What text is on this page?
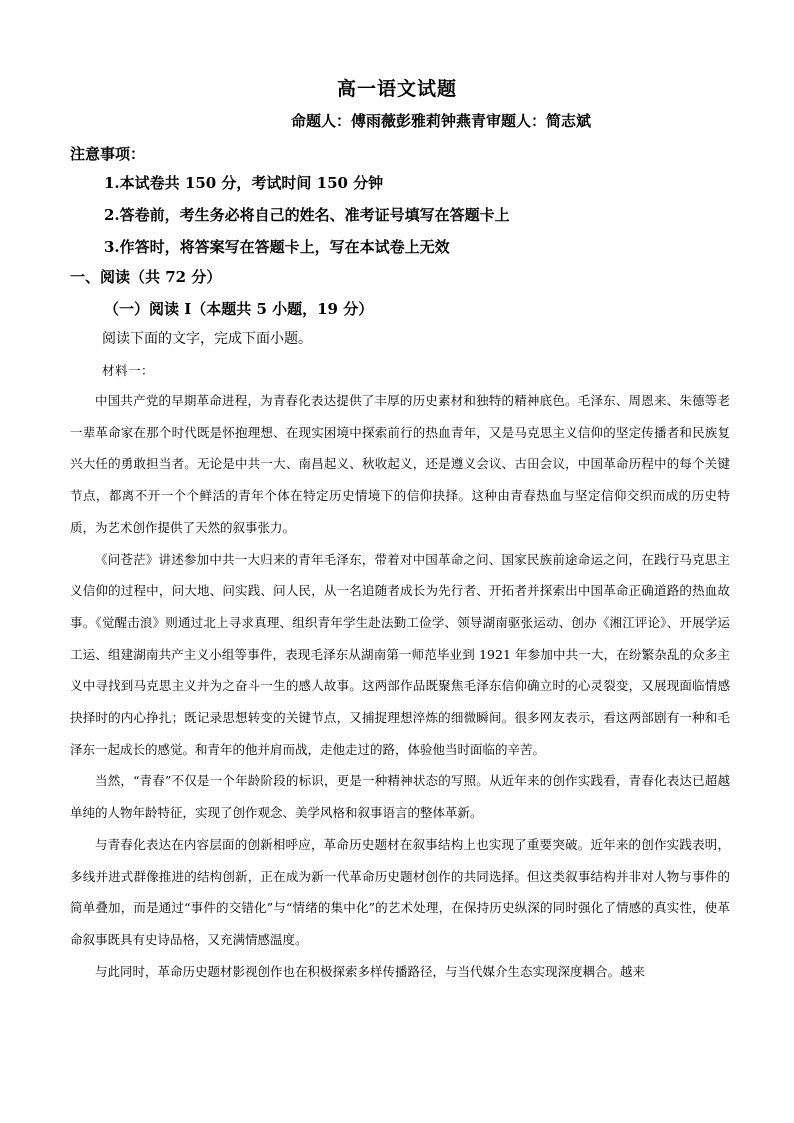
高一语文试题
命题人：傅雨薇彭雅莉钟燕青审题人：简志斌
注意事项：
1.本试卷共 150 分，考试时间 150 分钟
2.答卷前，考生务必将自己的姓名、准考证号填写在答题卡上
3.作答时，将答案写在答题卡上，写在本试卷上无效
一、阅读（共 72 分）
（一）阅读 I（本题共 5 小题，19 分）
阅读下面的文字，完成下面小题。
材料一：

中国共产党的早期革命进程，为青春化表达提供了丰厚的历史素材和独特的精神底色。毛泽东、周恩来、朱德等老一辈革命家在那个时代既是怀抱理想、在现实困境中探索前行的热血青年，又是马克思主义信仰的坚定传播者和民族复兴大任的勇敢担当者。无论是中共一大、南昌起义、秋收起义，还是遵义会议、古田会议，中国革命历程中的每个关键节点，都离不开一个个鲜活的青年个体在特定历史情境下的信仰抉择。这种由青春热血与坚定信仰交织而成的历史特质，为艺术创作提供了天然的叙事张力。

《问苍茫》讲述参加中共一大归来的青年毛泽东，带着对中国革命之问、国家民族前途命运之问，在践行马克思主义信仰的过程中，问大地、问实践、问人民，从一名追随者成长为先行者、开拓者并探索出中国革命正确道路的热血故事。《觉醒击浪》则通过北上寻求真理、组织青年学生赴法勤工俭学、领导湖南驱张运动、创办《湘江评论》、开展学运工运、组建湖南共产主义小组等事件，表现毛泽东从湖南第一师范毕业到 1921 年参加中共一大，在纷繁杂乱的众多主义中寻找到马克思主义并为之奋斗一生的感人故事。这两部作品既聚焦毛泽东信仰确立时的心灵裂变，又展现面临情感抉择时的内心挣扎；既记录思想转变的关键节点，又捕捉理想淬炼的细微瞬间。很多网友表示，看这两部剧有一种和毛泽东一起成长的感觉。和青年的他并肩而战，走他走过的路，体验他当时面临的辛苦。

当然，“青春”不仅是一个年龄阶段的标识，更是一种精神状态的写照。从近年来的创作实践看，青春化表达已超越单纯的人物年龄特征，实现了创作观念、美学风格和叙事语言的整体革新。

与青春化表达在内容层面的创新相呼应，革命历史题材在叙事结构上也实现了重要突破。近年来的创作实践表明，多线并进式群像推进的结构创新，正在成为新一代革命历史题材创作的共同选择。但这类叙事结构并非对人物与事件的简单叠加，而是通过“事件的交错化”与“情绪的集中化”的艺术处理，在保持历史纵深的同时强化了情感的真实性，使革命叙事既具有史诗品格，又充满情感温度。

与此同时，革命历史题材影视创作也在积极探索多样传播路径，与当代媒介生态实现深度耦合。越来
